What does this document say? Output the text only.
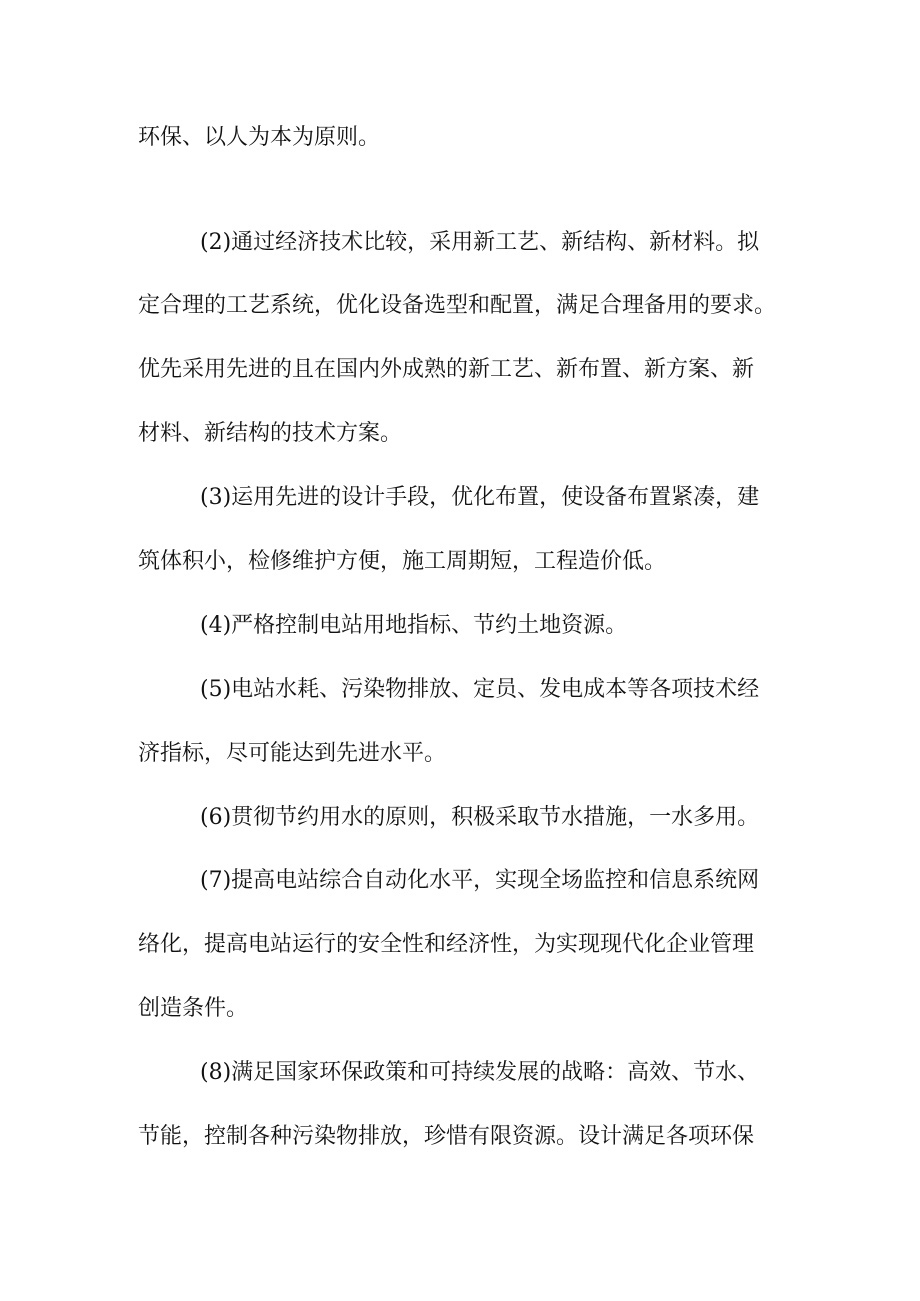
环保、以人为本为原则。
(2)通过经济技术比较，采用新工艺、新结构、新材料。拟
定合理的工艺系统，优化设备选型和配置，满足合理备用的要求。
优先采用先进的且在国内外成熟的新工艺、新布置、新方案、新
材料、新结构的技术方案。
(3)运用先进的设计手段，优化布置，使设备布置紧凑，建
筑体积小，检修维护方便，施工周期短，工程造价低。
(4)严格控制电站用地指标、节约土地资源。
(5)电站水耗、污染物排放、定员、发电成本等各项技术经
济指标，尽可能达到先进水平。
(6)贯彻节约用水的原则，积极采取节水措施，一水多用。
(7)提高电站综合自动化水平，实现全场监控和信息系统网
络化，提高电站运行的安全性和经济性，为实现现代化企业管理
创造条件。
(8)满足国家环保政策和可持续发展的战略：高效、节水、
节能，控制各种污染物排放，珍惜有限资源。设计满足各项环保
